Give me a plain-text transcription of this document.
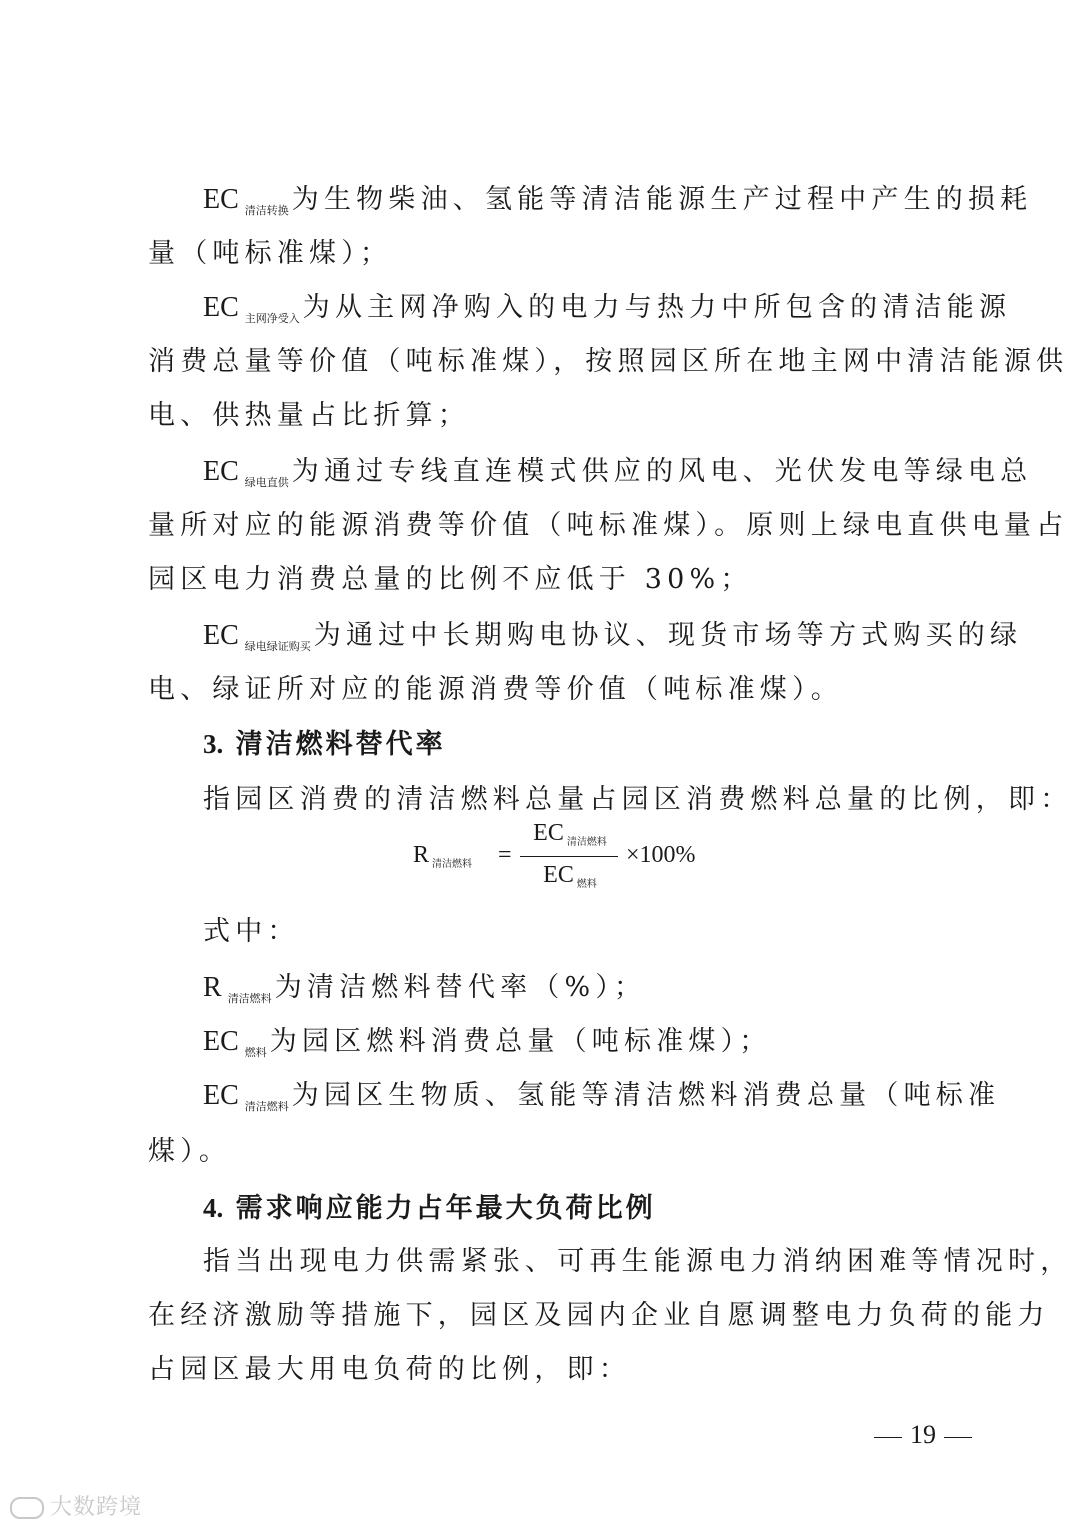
EC $_{清洁转换}$ 为生物柴油、氢能等清洁能源生产过程中产生的损耗
量（吨标准煤）；
EC $_{主网净受入}$ 为从主网净购入的电力与热力中所包含的清洁能源
消费总量等价值（吨标准煤），按照园区所在地主网中清洁能源供
电、供热量占比折算；
EC $_{绿电直供}$ 为通过专线直连模式供应的风电、光伏发电等绿电总
量所对应的能源消费等价值（吨标准煤）。原则上绿电直供电量占
园区电力消费总量的比例不应低于 30%；
EC $_{绿电绿证购买}$ 为通过中长期购电协议、现货市场等方式购买的绿
电、绿证所对应的能源消费等价值（吨标准煤）。
3. 清洁燃料替代率
指园区消费的清洁燃料总量占园区消费燃料总量的比例，即：
R $_{清洁燃料}$ =
EC $_{清洁燃料}$
EC $_{燃料}$
×100%
式中：
R $_{清洁燃料}$ 为清洁燃料替代率（%）；
EC $_{燃料}$ 为园区燃料消费总量（吨标准煤）；
EC $_{清洁燃料}$ 为园区生物质、氢能等清洁燃料消费总量（吨标准
煤）。
4. 需求响应能力占年最大负荷比例
指当出现电力供需紧张、可再生能源电力消纳困难等情况时，
在经济激励等措施下，园区及园内企业自愿调整电力负荷的能力
占园区最大用电负荷的比例，即：
19
大数跨境
